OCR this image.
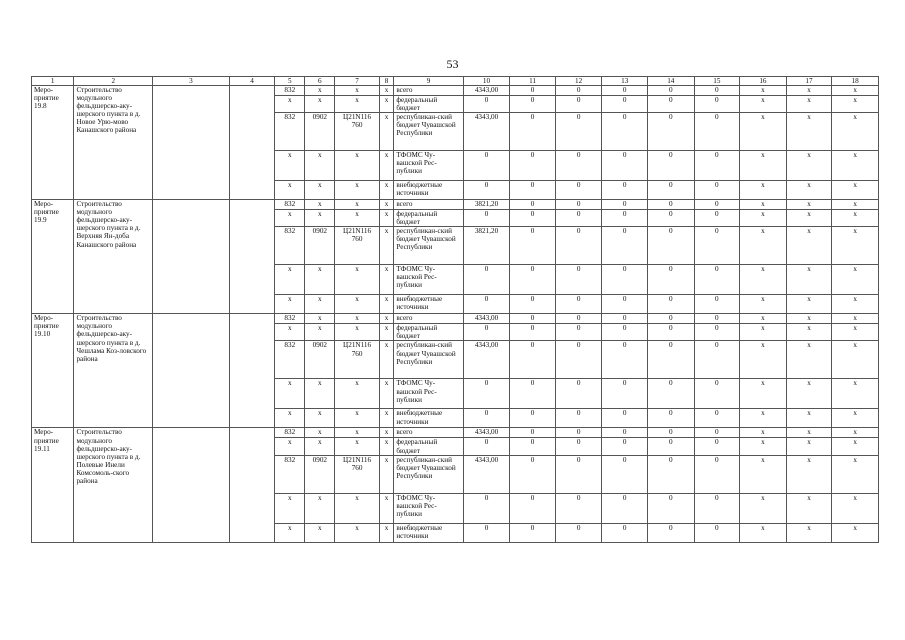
53
1	2	3	4	5	6	7	8	9	10	11	12	13	14	15	16	17	18
Меро-приятие 19.8	Строительство модульного фельдшерско-аку-шерского пункта в д. Новое Урю-мово Канашского района			832	x	x	x	всего	4343,00	0	0	0	0	0	x	x	x
				x	x	x	x	федеральный бюджет	0	0	0	0	0	0	x	x	x
				832	0902	Ц21N116 760	x	республикан-ский бюджет Чувашской Республики	4343,00	0	0	0	0	0	x	x	x
				x	x	x	x	ТФОМС Чу-вашской Рес-публики	0	0	0	0	0	0	x	x	x
				x	x	x	x	внебюджетные источники	0	0	0	0	0	0	x	x	x
Меро-приятие 19.9	Строительство модульного фельдшерско-аку-шерского пункта в д. Верхняя Ян-доба Канашского района			832	x	x	x	всего	3821,20	0	0	0	0	0	x	x	x
				x	x	x	x	федеральный бюджет	0	0	0	0	0	0	x	x	x
				832	0902	Ц21N116 760	x	республикан-ский бюджет Чувашской Республики	3821,20	0	0	0	0	0	x	x	x
				x	x	x	x	ТФОМС Чу-вашской Рес-публики	0	0	0	0	0	0	x	x	x
				x	x	x	x	внебюджетные источники	0	0	0	0	0	0	x	x	x
Меро-приятие 19.10	Строительство модульного фельдшерско-аку-шерского пункта в д. Чешлама Коз-ловского района			832	x	x	x	всего	4343,00	0	0	0	0	0	x	x	x
				x	x	x	x	федеральный бюджет	0	0	0	0	0	0	x	x	x
				832	0902	Ц21N116 760	x	республикан-ский бюджет Чувашской Республики	4343,00	0	0	0	0	0	x	x	x
				x	x	x	x	ТФОМС Чу-вашской Рес-публики	0	0	0	0	0	0	x	x	x
				x	x	x	x	внебюджетные источники	0	0	0	0	0	0	x	x	x
Меро-приятие 19.11	Строительство модульного фельдшерско-аку-шерского пункта в д. Полевые Инели Комсомоль-ского района			832	x	x	x	всего	4343,00	0	0	0	0	0	x	x	x
				x	x	x	x	федеральный бюджет	0	0	0	0	0	0	x	x	x
				832	0902	Ц21N116 760	x	республикан-ский бюджет Чувашской Республики	4343,00	0	0	0	0	0	x	x	x
				x	x	x	x	ТФОМС Чу-вашской Рес-публики	0	0	0	0	0	0	x	x	x
				x	x	x	x	внебюджетные источники	0	0	0	0	0	0	x	x	x
